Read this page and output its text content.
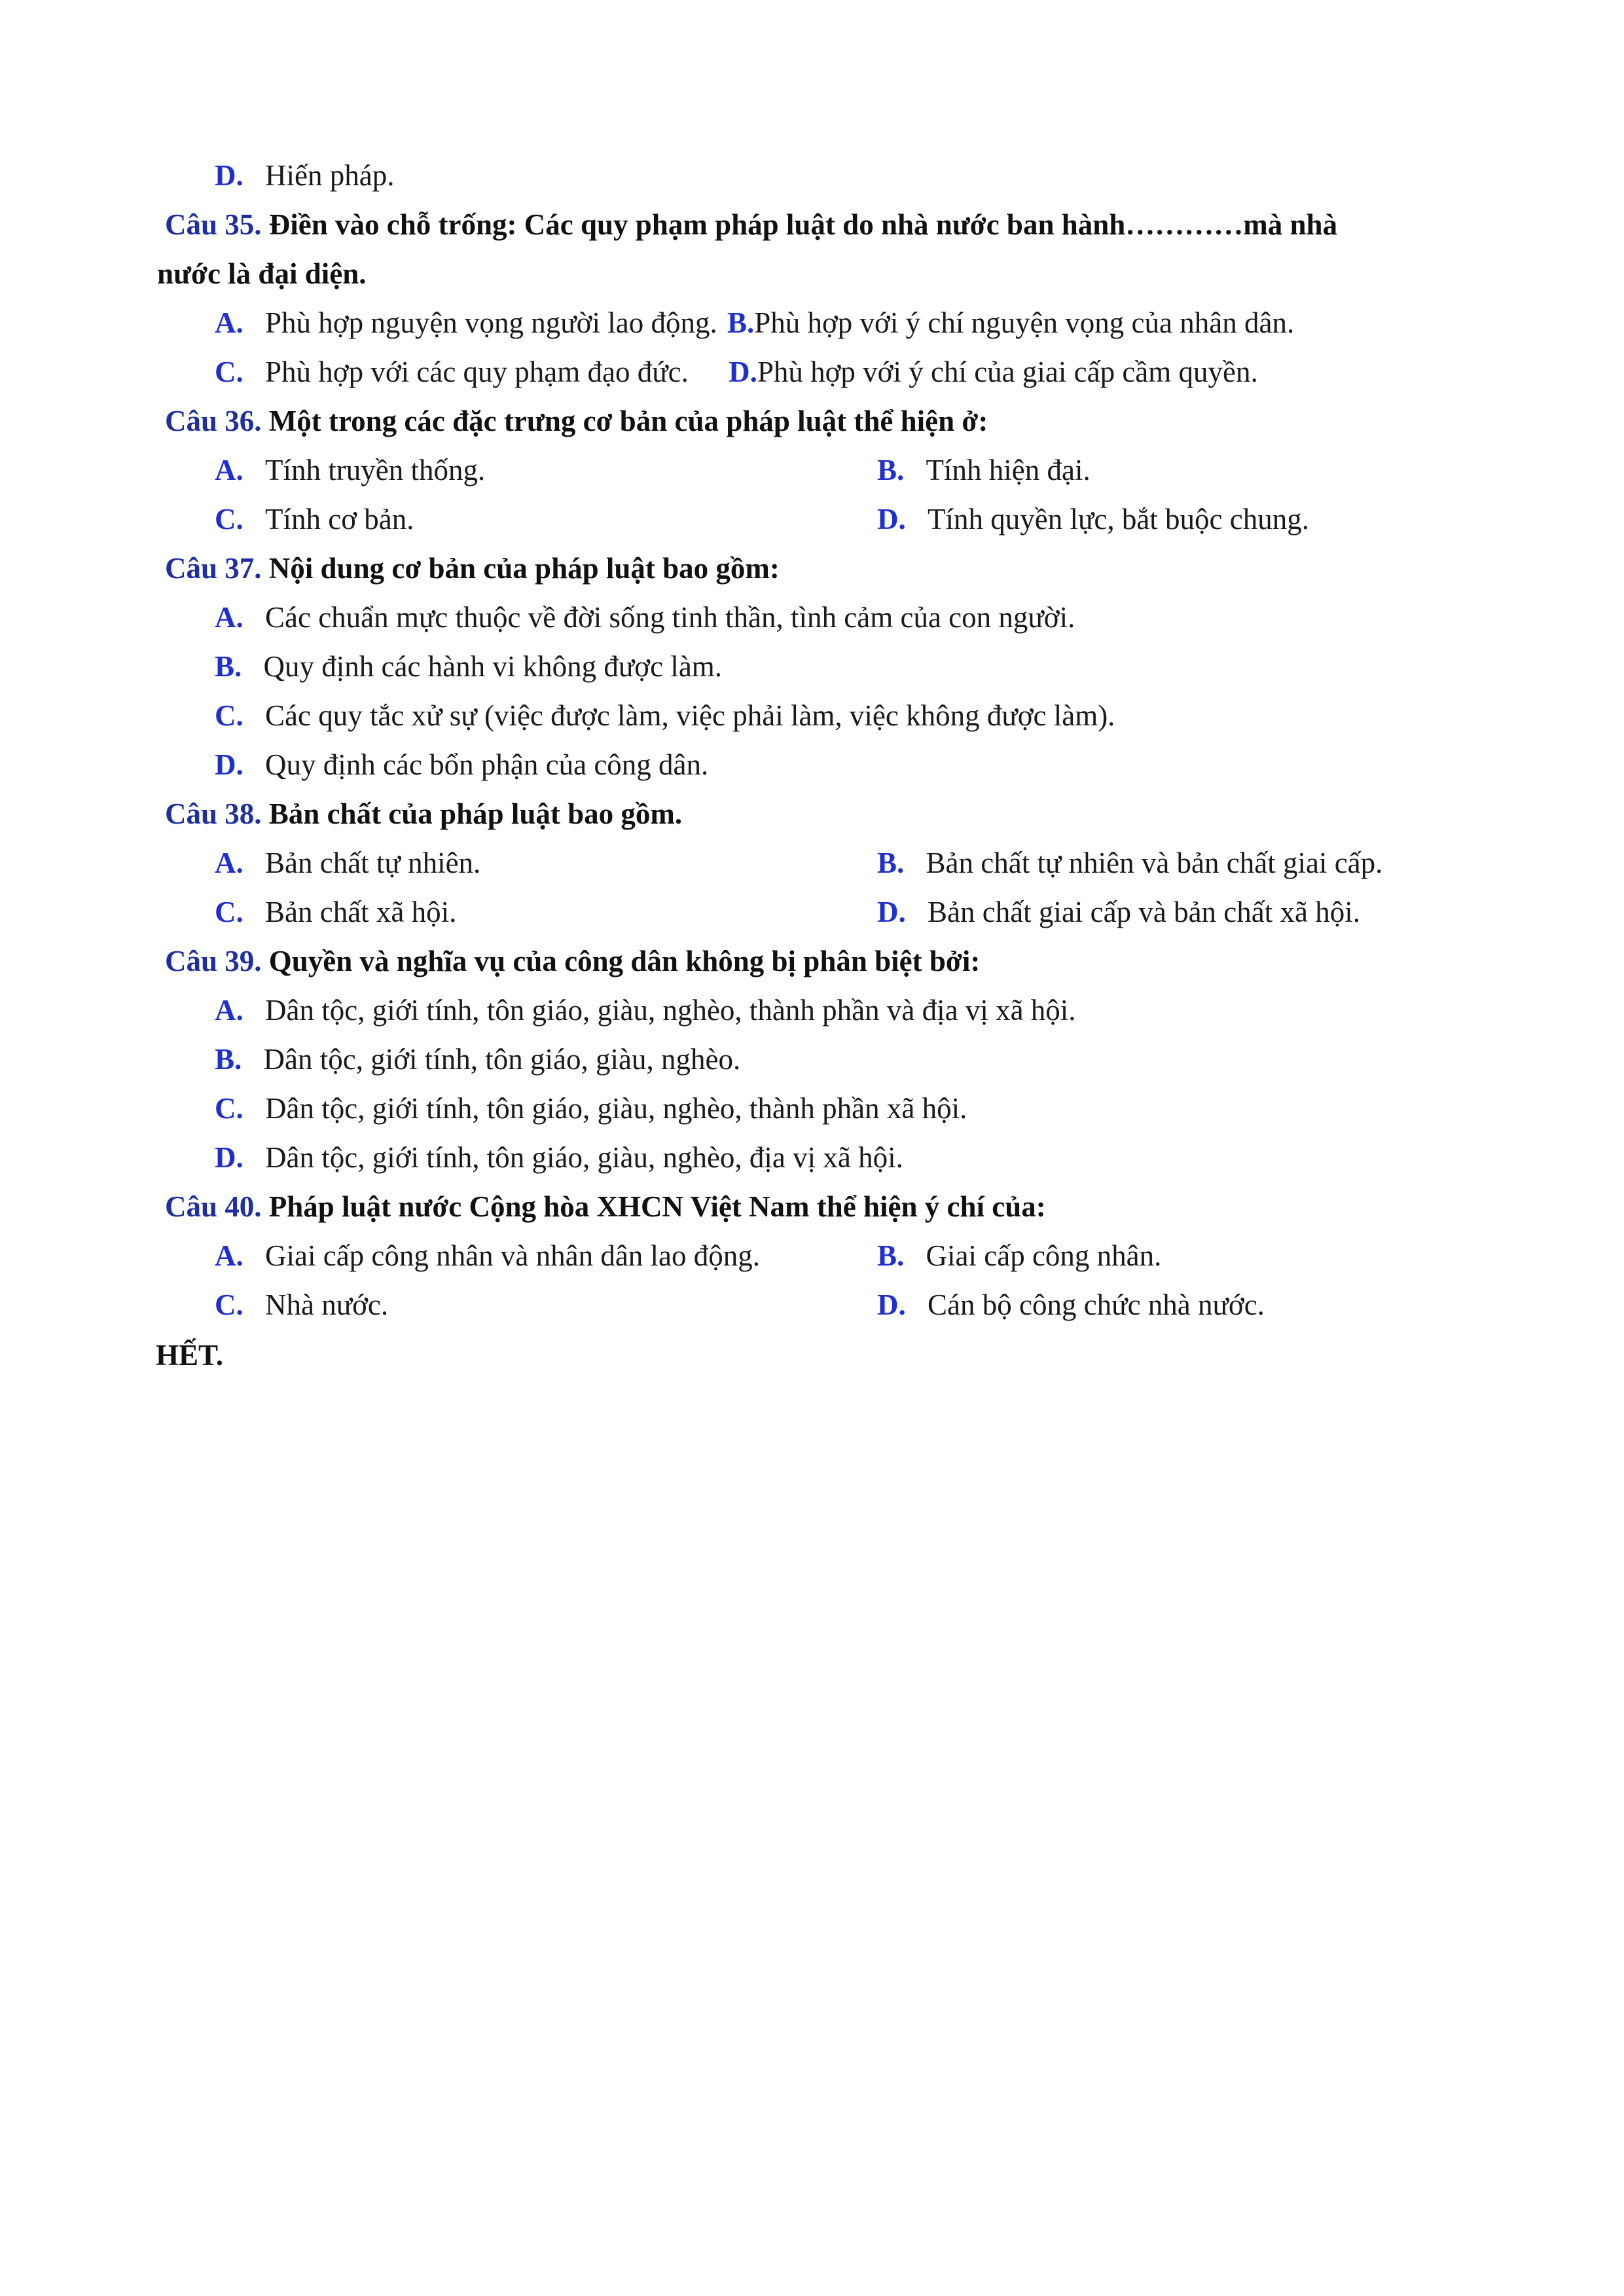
D. Hiến pháp.
Câu 35. Điền vào chỗ trống: Các quy phạm pháp luật do nhà nước ban hành…………mà nhà
nước là đại diện.
A. Phù hợp nguyện vọng người lao động. B.Phù hợp với ý chí nguyện vọng của nhân dân.
C. Phù hợp với các quy phạm đạo đức. D.Phù hợp với ý chí của giai cấp cầm quyền.
Câu 36. Một trong các đặc trưng cơ bản của pháp luật thể hiện ở:
A. Tính truyền thống.	B. Tính hiện đại.
C. Tính cơ bản.	D. Tính quyền lực, bắt buộc chung.
Câu 37. Nội dung cơ bản của pháp luật bao gồm:
A. Các chuẩn mực thuộc về đời sống tinh thần, tình cảm của con người.
B. Quy định các hành vi không được làm.
C. Các quy tắc xử sự (việc được làm, việc phải làm, việc không được làm).
D. Quy định các bổn phận của công dân.
Câu 38. Bản chất của pháp luật bao gồm.
A. Bản chất tự nhiên.	B. Bản chất tự nhiên và bản chất giai cấp.
C. Bản chất xã hội.	D. Bản chất giai cấp và bản chất xã hội.
Câu 39. Quyền và nghĩa vụ của công dân không bị phân biệt bởi:
A. Dân tộc, giới tính, tôn giáo, giàu, nghèo, thành phần và địa vị xã hội.
B. Dân tộc, giới tính, tôn giáo, giàu, nghèo.
C. Dân tộc, giới tính, tôn giáo, giàu, nghèo, thành phần xã hội.
D. Dân tộc, giới tính, tôn giáo, giàu, nghèo, địa vị xã hội.
Câu 40. Pháp luật nước Cộng hòa XHCN Việt Nam thể hiện ý chí của:
A. Giai cấp công nhân và nhân dân lao động.	B. Giai cấp công nhân.
C. Nhà nước.	D. Cán bộ công chức nhà nước.
HẾT.
